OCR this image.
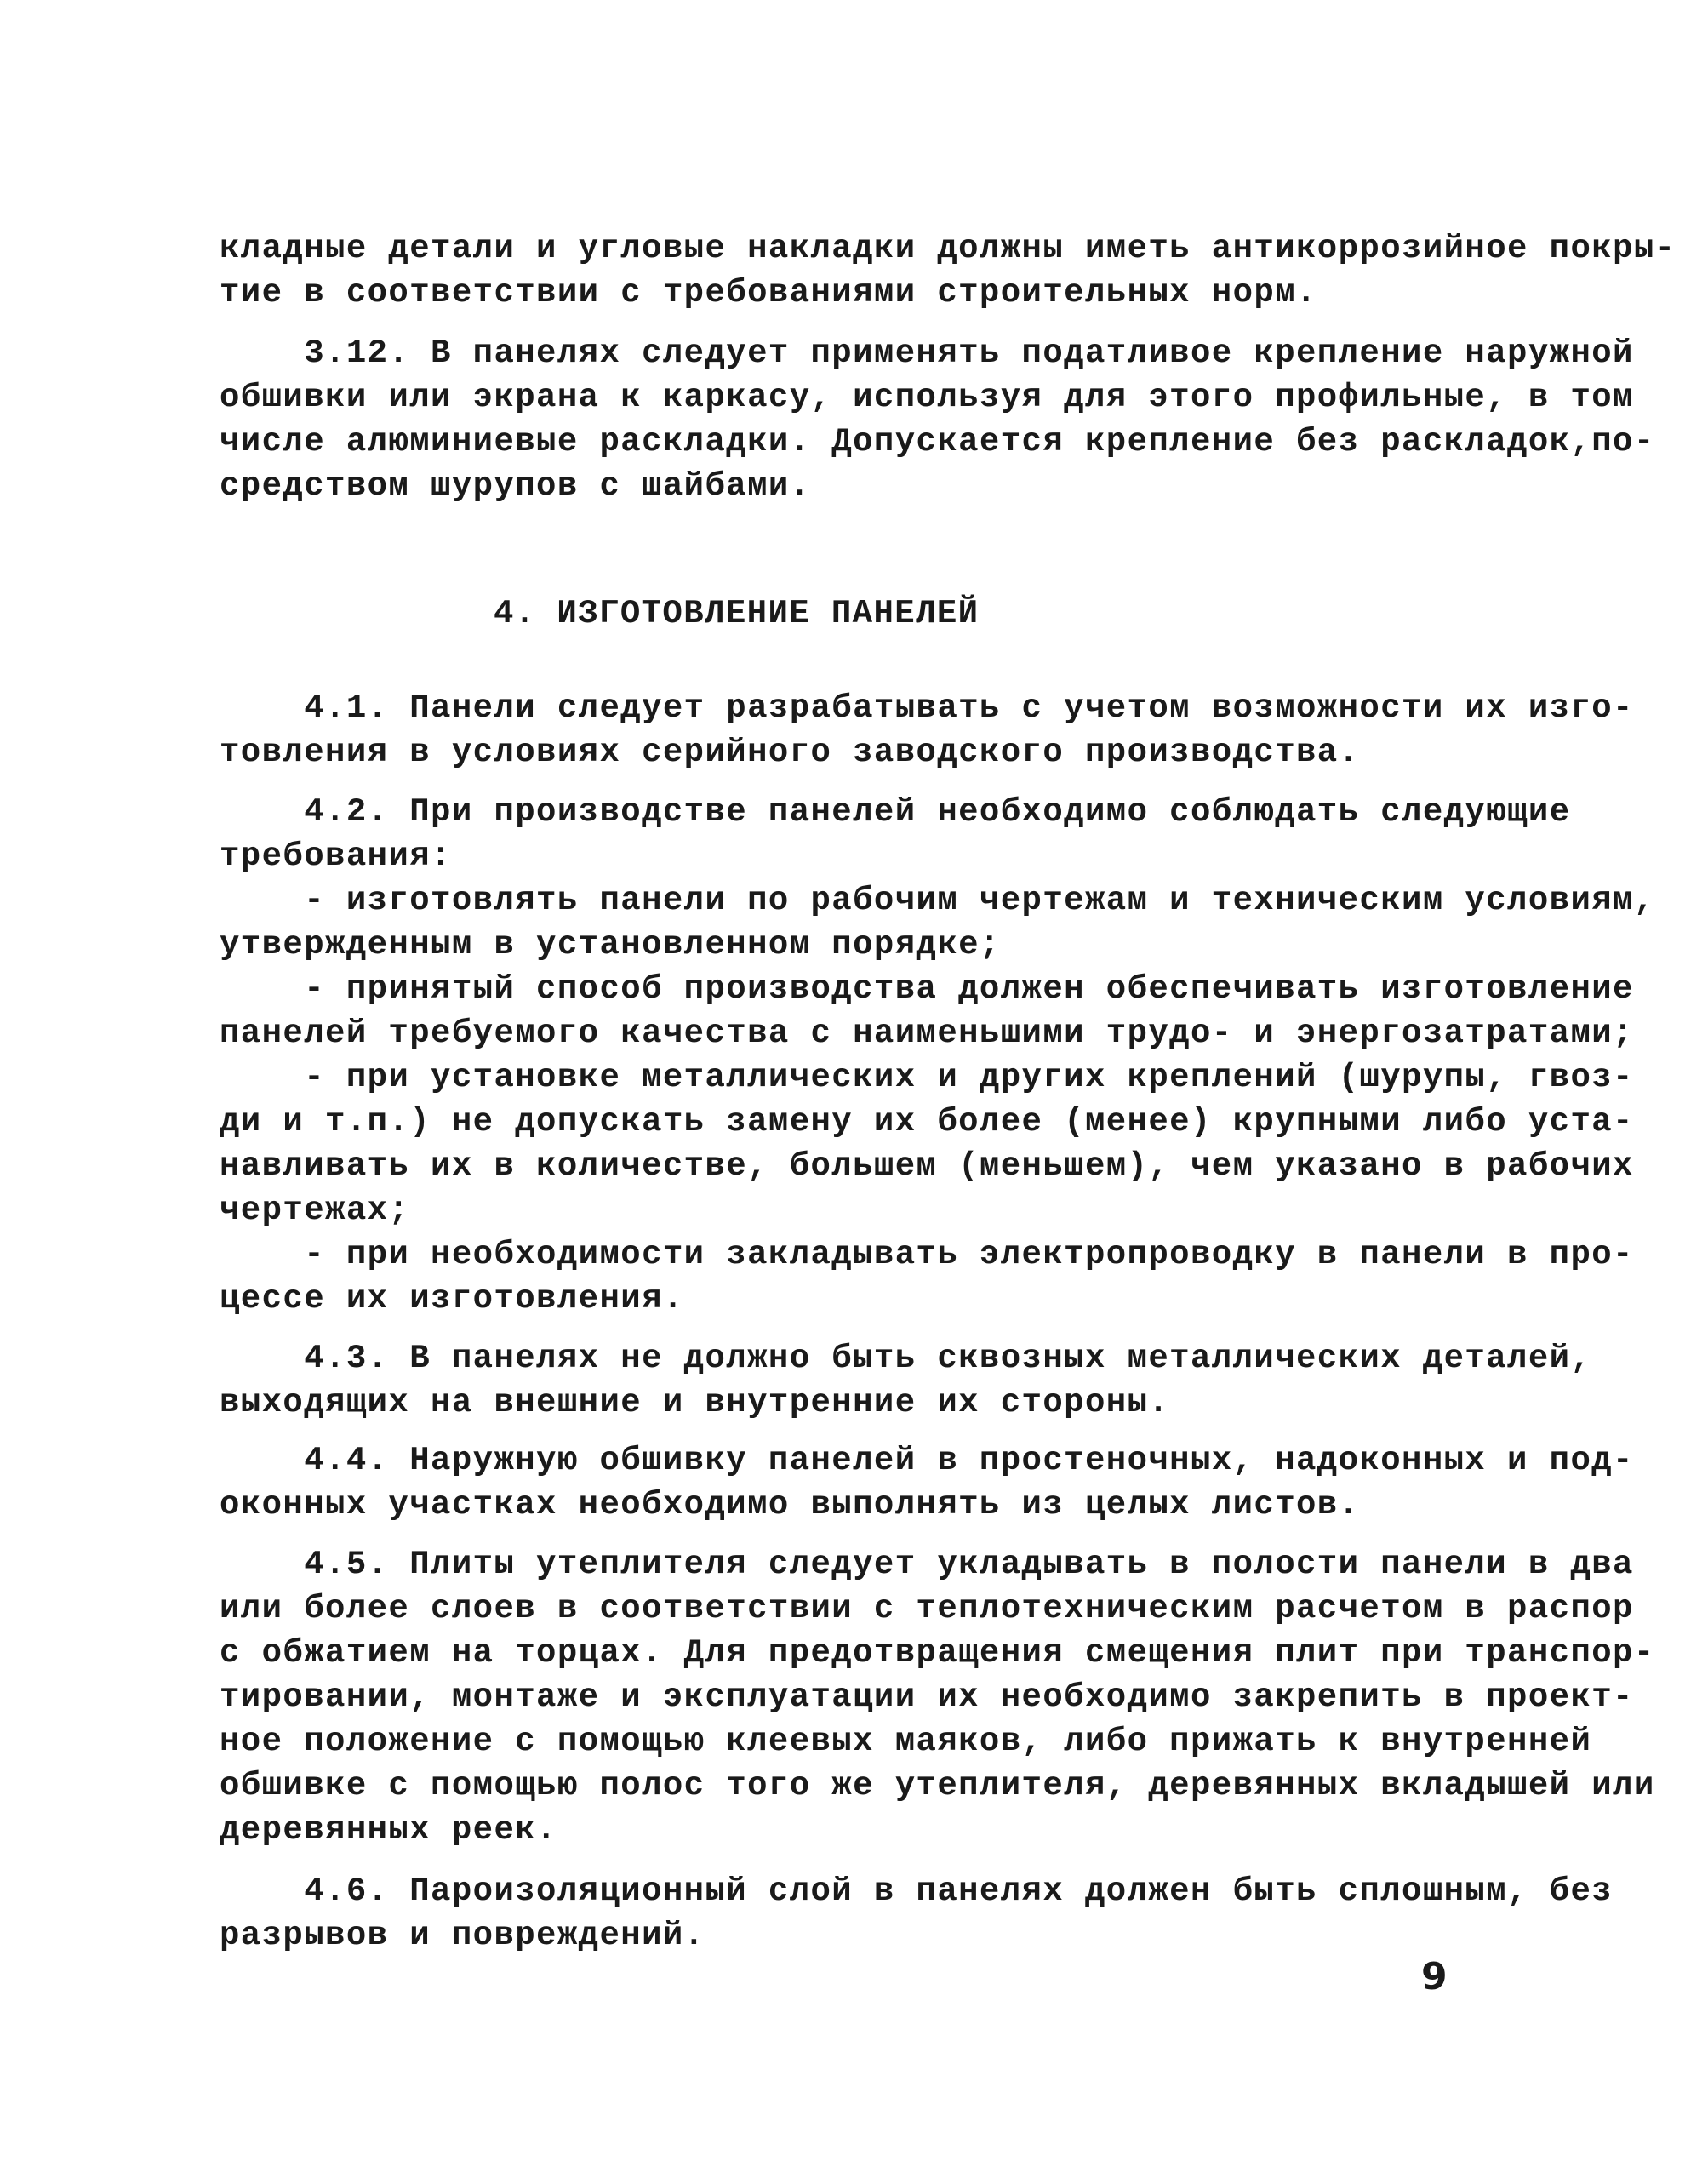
кладные детали и угловые накладки должны иметь антикоррозийное покры-
тие в соответствии с требованиями строительных норм.
3.12. В панелях следует применять податливое крепление наружной
обшивки или экрана к каркасу, используя для этого профильные, в том
числе алюминиевые раскладки. Допускается крепление без раскладок,по-
средством шурупов с шайбами.
4. ИЗГОТОВЛЕНИЕ ПАНЕЛЕЙ
4.1. Панели следует разрабатывать с учетом возможности их изго-
товления в условиях серийного заводского производства.
4.2. При производстве панелей необходимо соблюдать следующие
требования:
- изготовлять панели по рабочим чертежам и техническим условиям,
утвержденным в установленном порядке;
- принятый способ производства должен обеспечивать изготовление
панелей требуемого качества с наименьшими трудо- и энергозатратами;
- при установке металлических и других креплений (шурупы, гвоз-
ди и т.п.) не допускать замену их более (менее) крупными либо уста-
навливать их в количестве, большем (меньшем), чем указано в рабочих
чертежах;
- при необходимости закладывать электропроводку в панели в про-
цессе их изготовления.
4.3. В панелях не должно быть сквозных металлических деталей,
выходящих на внешние и внутренние их стороны.
4.4. Наружную обшивку панелей в простеночных, надоконных и под-
оконных участках необходимо выполнять из целых листов.
4.5. Плиты утеплителя следует укладывать в полости панели в два
или более слоев в соответствии с теплотехническим расчетом в распор
с обжатием на торцах. Для предотвращения смещения плит при транспор-
тировании, монтаже и эксплуатации их необходимо закрепить в проект-
ное положение с помощью клеевых маяков, либо прижать к внутренней
обшивке с помощью полос того же утеплителя, деревянных вкладышей или
деревянных реек.
4.6. Пароизоляционный слой в панелях должен быть сплошным, без
разрывов и повреждений.
9
